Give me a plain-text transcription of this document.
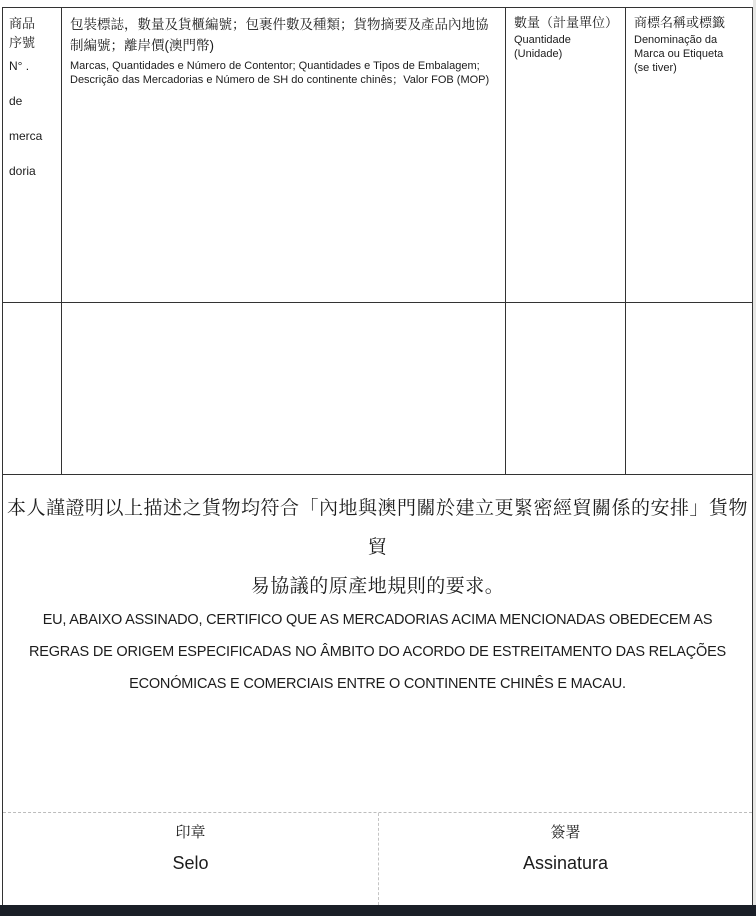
商品
序號
N° .
de
merca
doria
包裝標誌，數量及貨櫃編號；包裹件數及種類；貨物摘要及產品內地協制編號；離岸價(澳門幣)
Marcas, Quantidades e Número de Contentor; Quantidades e Tipos de Embalagem; Descrição das Mercadorias e Número de SH do continente chinês；Valor FOB (MOP)
數量（計量單位）
Quantidade
(Unidade)
商標名稱或標籤
Denominação da
Marca ou Etiqueta
(se tiver)
本人謹證明以上描述之貨物均符合「內地與澳門關於建立更緊密經貿關係的安排」貨物貿
易協議的原產地規則的要求。
EU, ABAIXO ASSINADO, CERTIFICO QUE AS MERCADORIAS ACIMA MENCIONADAS OBEDECEM AS
REGRAS DE ORIGEM ESPECIFICADAS NO ÂMBITO DO ACORDO DE ESTREITAMENTO DAS RELAÇÕES
ECONÓMICAS E COMERCIAIS ENTRE O CONTINENTE CHINÊS E MACAU.
印章
Selo
簽署
Assinatura
